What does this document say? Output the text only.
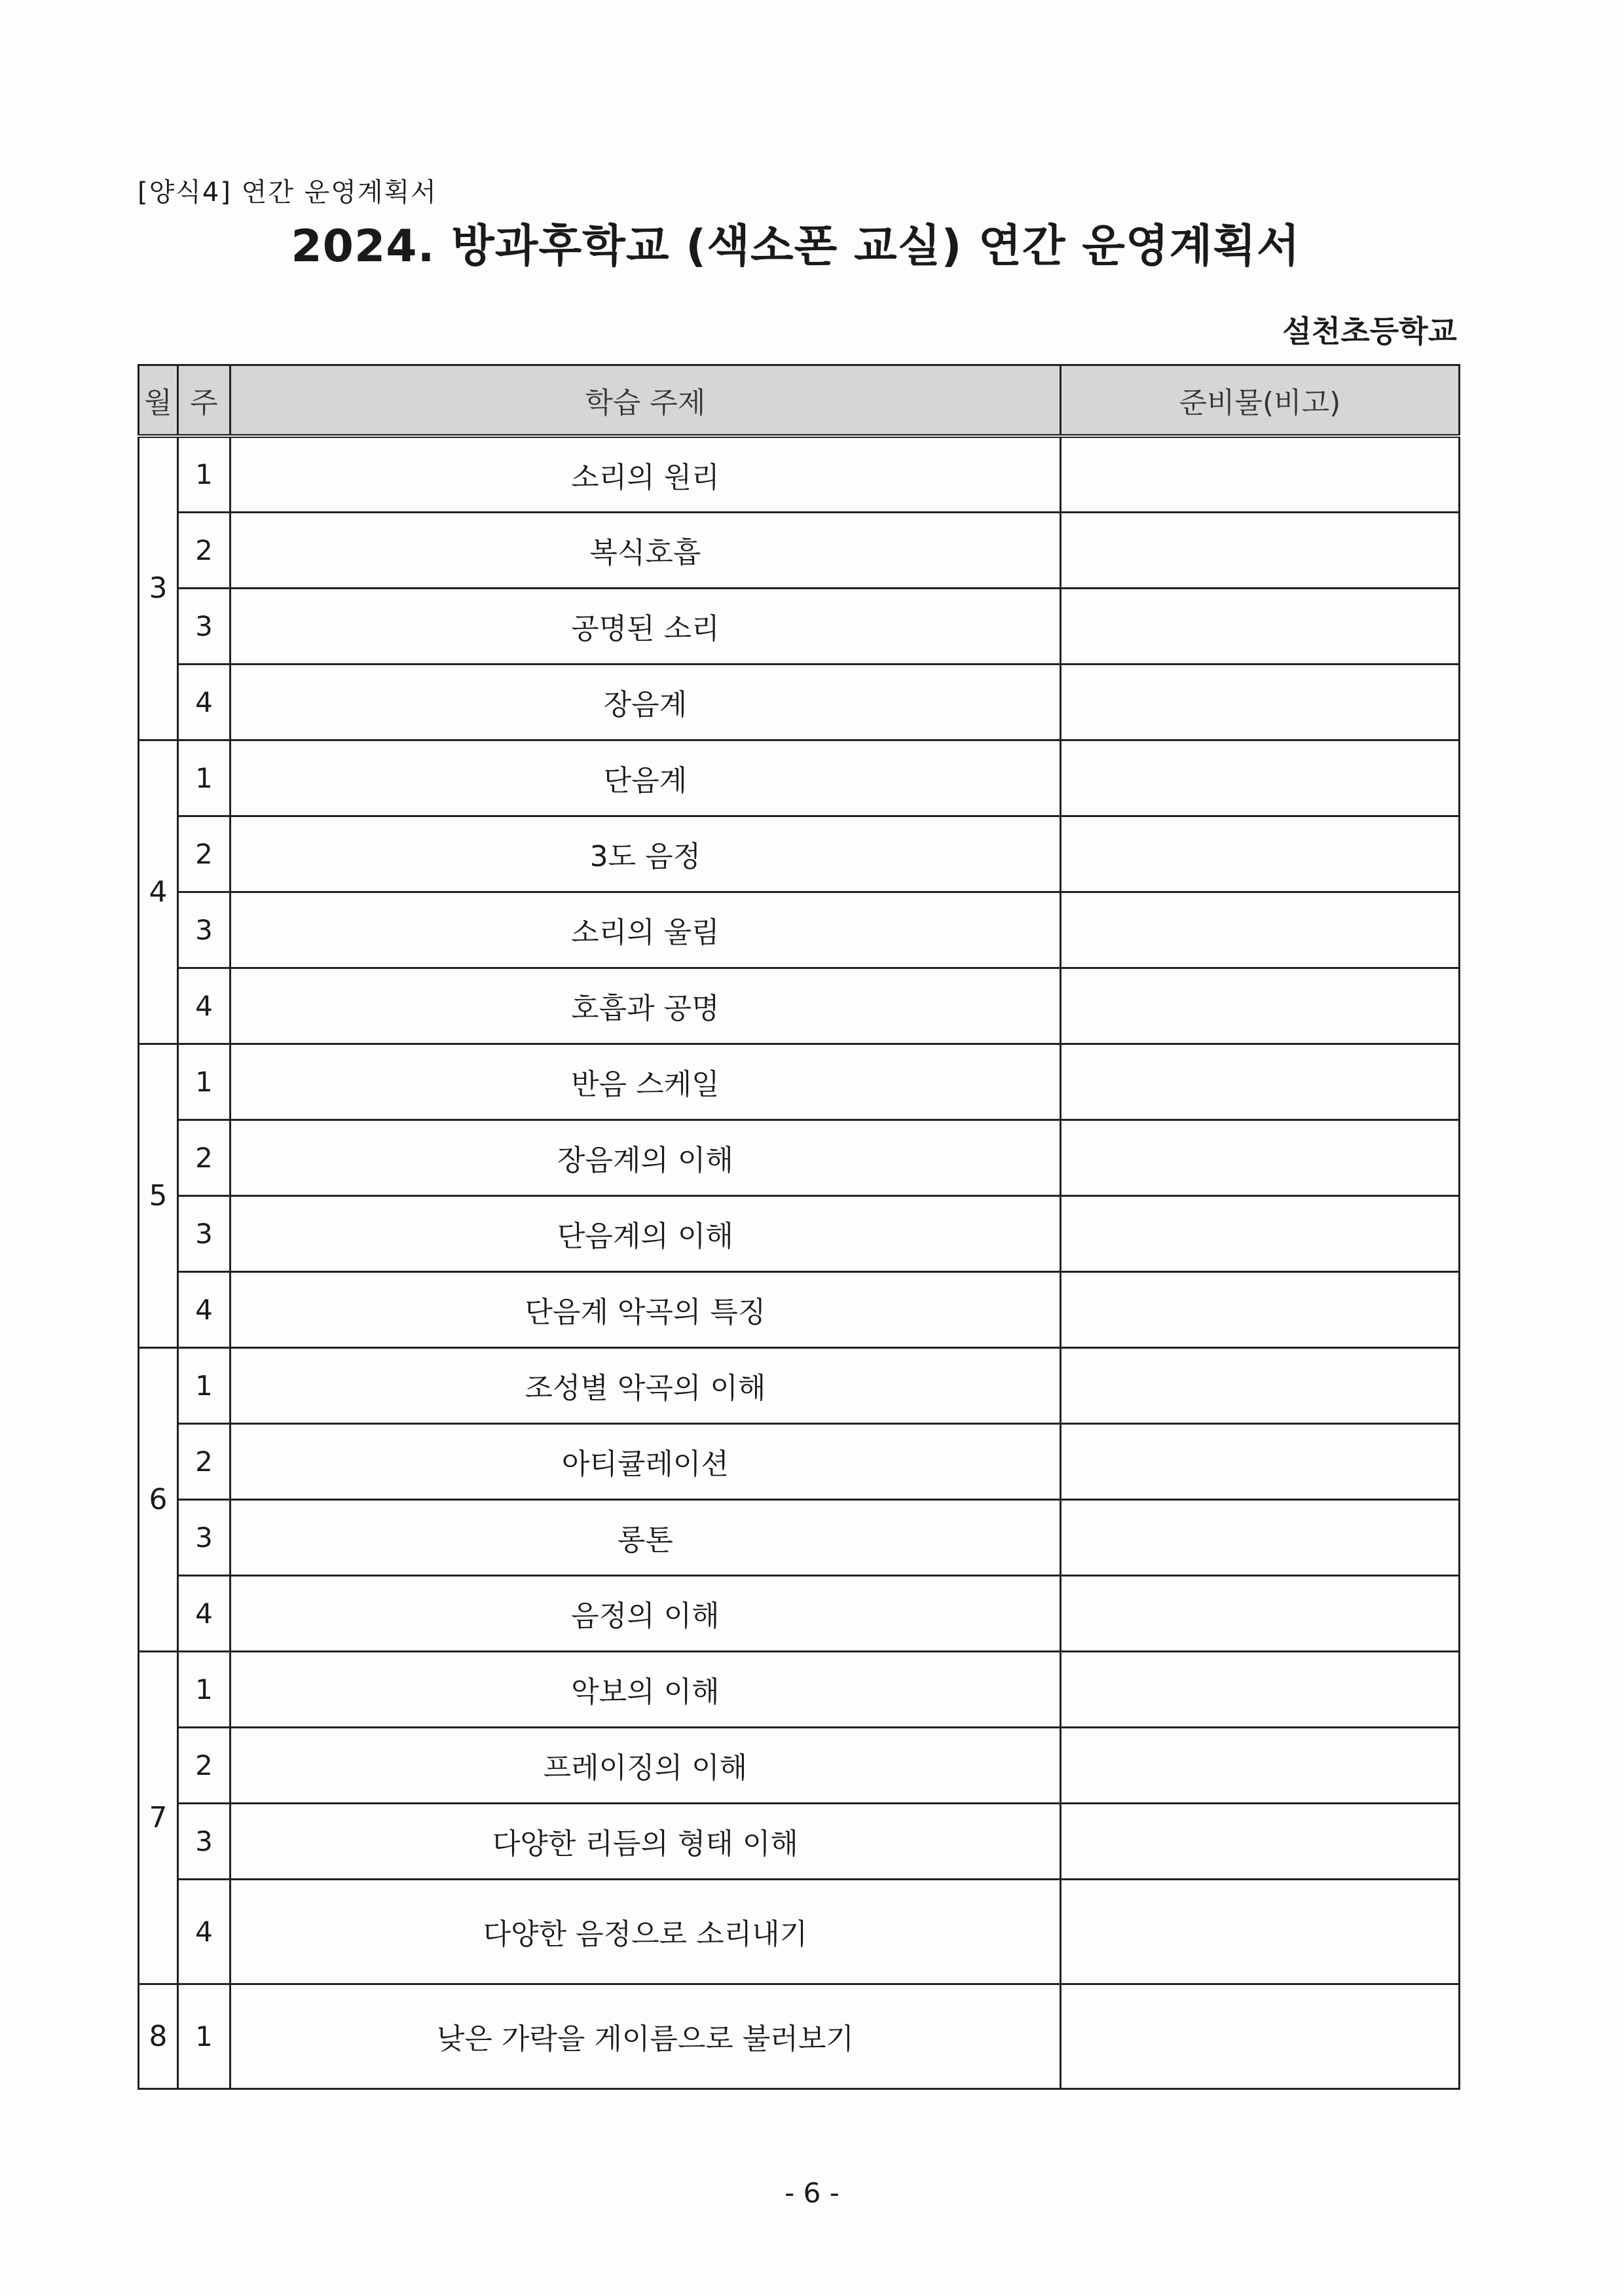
[양식4] 연간 운영계획서
2024. 방과후학교 (색소폰 교실) 연간 운영계획서
설천초등학교
월	주	학습 주제	준비물(비고)
3	1	소리의 원리	
	2	복식호흡	
	3	공명된 소리	
	4	장음계	
4	1	단음계	
	2	3도 음정	
	3	소리의 울림	
	4	호흡과 공명	
5	1	반음 스케일	
	2	장음계의 이해	
	3	단음계의 이해	
	4	단음계 악곡의 특징	
6	1	조성별 악곡의 이해	
	2	아티큘레이션	
	3	롱톤	
	4	음정의 이해	
7	1	악보의 이해	
	2	프레이징의 이해	
	3	다양한 리듬의 형태 이해	
	4	다양한 음정으로 소리내기	
8	1	낮은 가락을 게이름으로 불러보기	
- 6 -
